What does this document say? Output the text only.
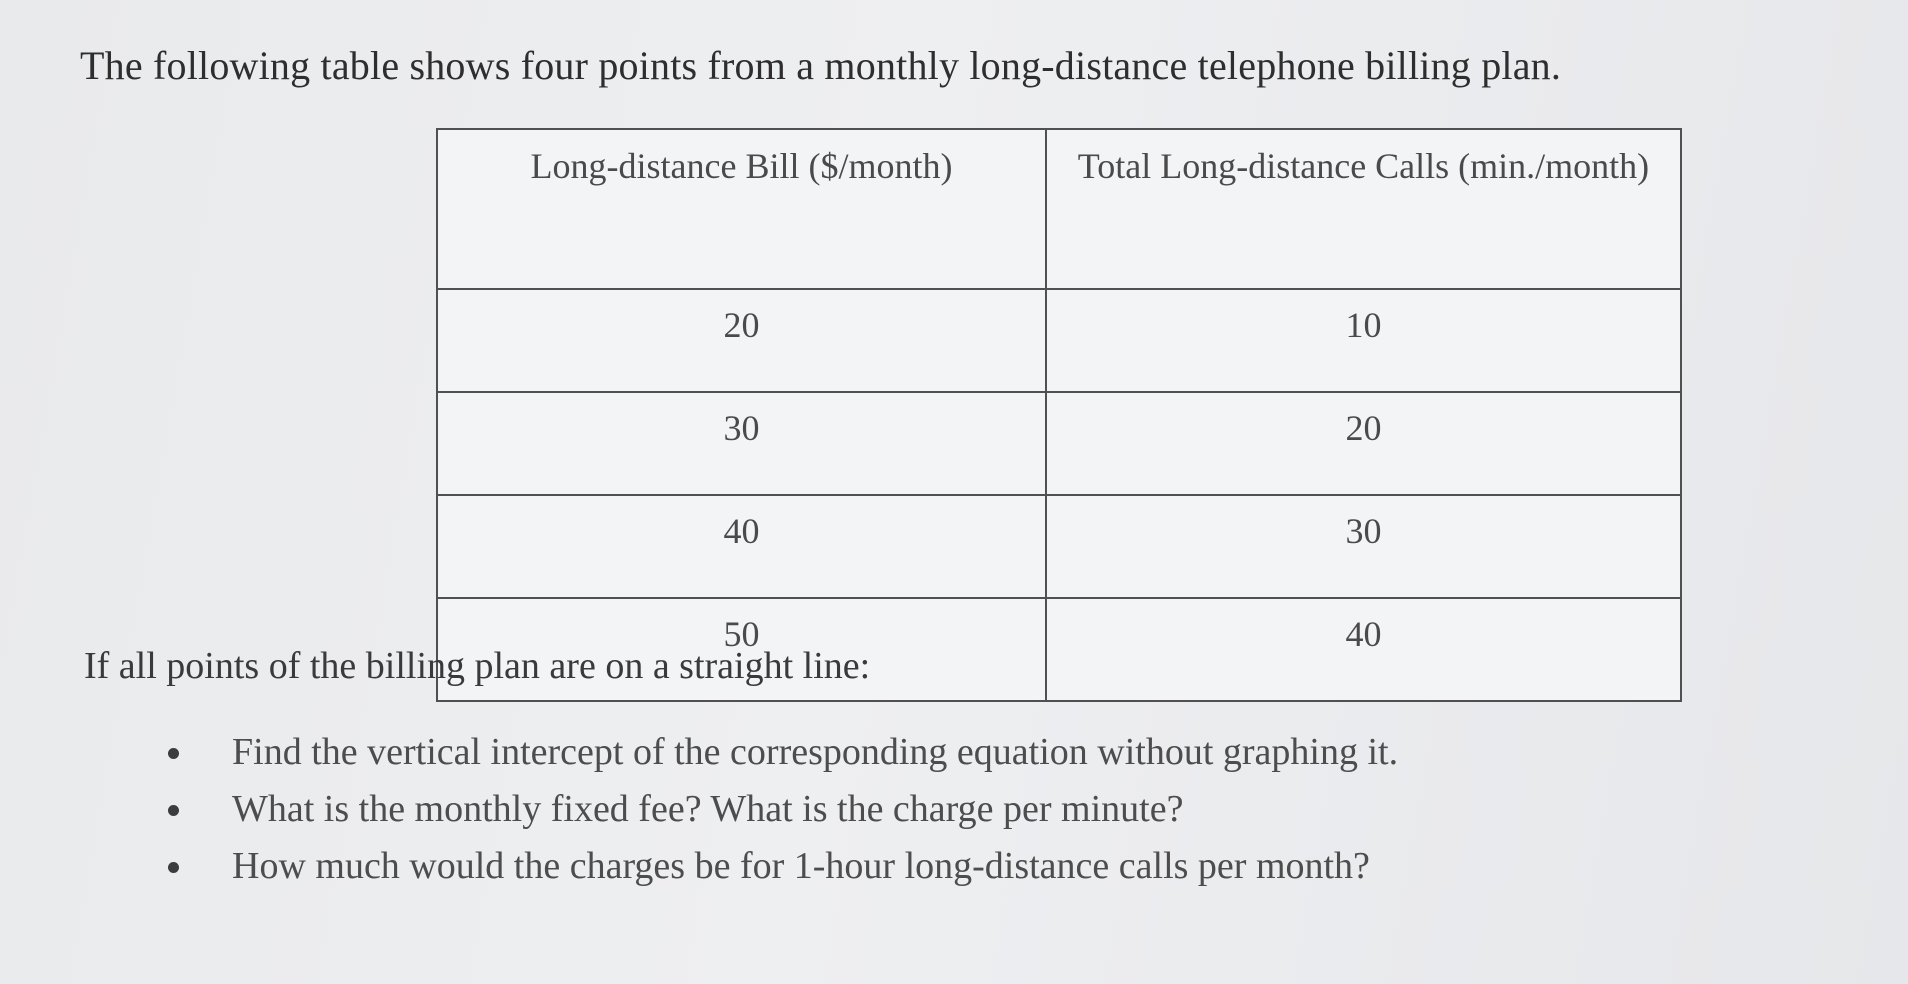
The following table shows four points from a monthly long-distance telephone billing plan.
Long-distance Bill ($/month)	Total Long-distance Calls (min./month)
20	10
30	20
40	30
50	40
If all points of the billing plan are on a straight line:
Find the vertical intercept of the corresponding equation without graphing it.
What is the monthly fixed fee? What is the charge per minute?
How much would the charges be for 1-hour long-distance calls per month?
